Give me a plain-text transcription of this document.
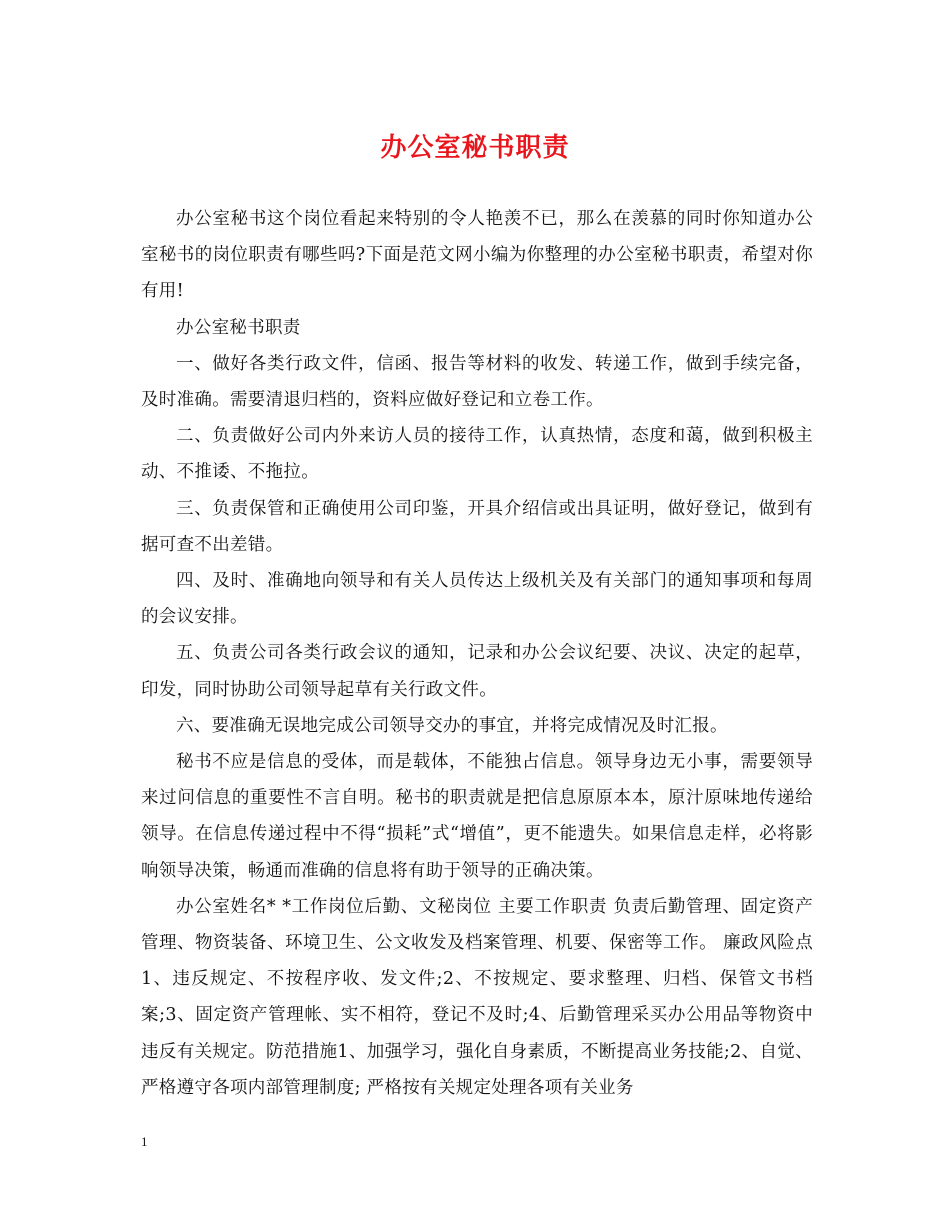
办公室秘书职责

办公室秘书这个岗位看起来特别的令人艳羡不已，那么在羡慕的同时你知道办公室秘书的岗位职责有哪些吗?下面是范文网小编为你整理的办公室秘书职责，希望对你有用!

办公室秘书职责

一、做好各类行政文件，信函、报告等材料的收发、转递工作，做到手续完备，及时准确。需要清退归档的，资料应做好登记和立卷工作。

二、负责做好公司内外来访人员的接待工作，认真热情，态度和蔼，做到积极主动、不推诿、不拖拉。

三、负责保管和正确使用公司印鉴，开具介绍信或出具证明，做好登记，做到有据可查不出差错。

四、及时、准确地向领导和有关人员传达上级机关及有关部门的通知事项和每周的会议安排。

五、负责公司各类行政会议的通知，记录和办公会议纪要、决议、决定的起草，印发，同时协助公司领导起草有关行政文件。

六、要准确无误地完成公司领导交办的事宜，并将完成情况及时汇报。

秘书不应是信息的受体，而是载体，不能独占信息。领导身边无小事，需要领导来过问信息的重要性不言自明。秘书的职责就是把信息原原本本，原汁原味地传递给领导。在信息传递过程中不得“损耗”式“增值”，更不能遗失。如果信息走样，必将影响领导决策，畅通而准确的信息将有助于领导的正确决策。

办公室姓名* *工作岗位后勤、文秘岗位 主要工作职责 负责后勤管理、固定资产管理、物资装备、环境卫生、公文收发及档案管理、机要、保密等工作。 廉政风险点1、违反规定、不按程序收、发文件;2、不按规定、要求整理、归档、保管文书档案;3、固定资产管理帐、实不相符，登记不及时;4、后勤管理采买办公用品等物资中违反有关规定。防范措施1、加强学习，强化自身素质，不断提高业务技能;2、自觉、严格遵守各项内部管理制度; 严格按有关规定处理各项有关业务

1
